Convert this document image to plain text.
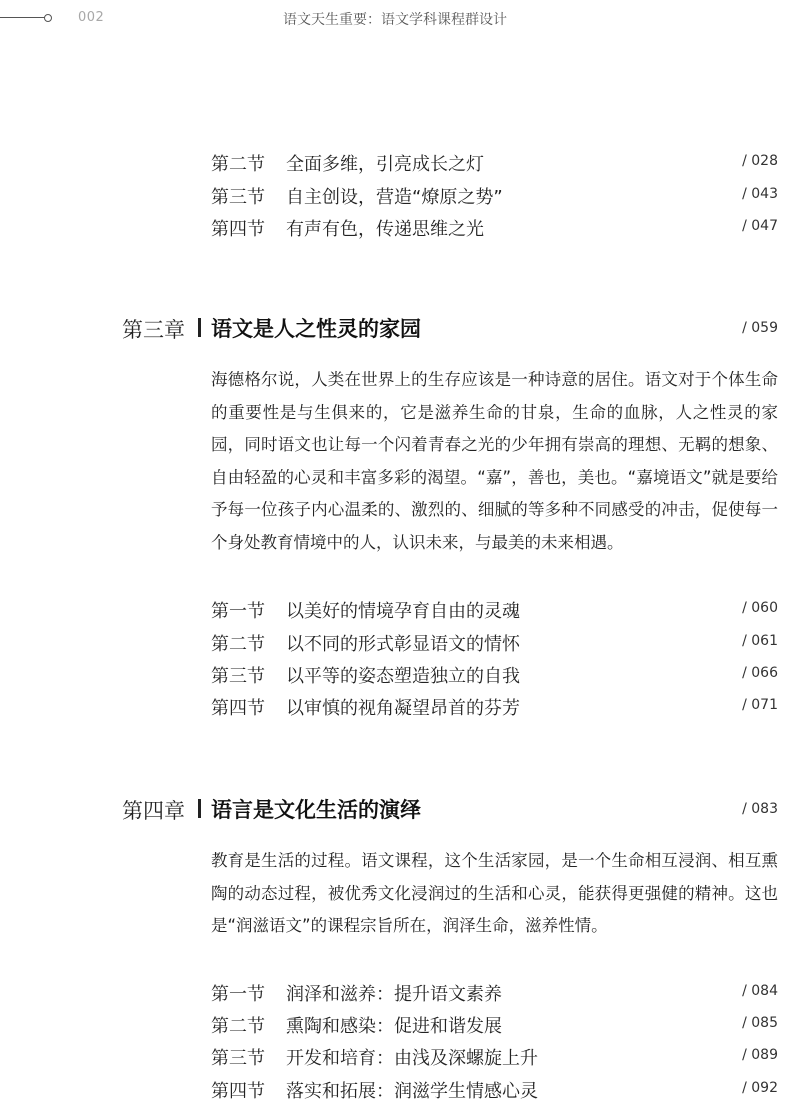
002	语文天生重要：语文学科课程群设计
第二节 全面多维，引亮成长之灯	/ 028
第三节 自主创设，营造“燎原之势”	/ 043
第四节 有声有色，传递思维之光	/ 047
第三章 语文是人之性灵的家园	/ 059
海德格尔说，人类在世界上的生存应该是一种诗意的居住。语文对于个体生命的重要性是与生俱来的，它是滋养生命的甘泉，生命的血脉，人之性灵的家园，同时语文也让每一个闪着青春之光的少年拥有崇高的理想、无羁的想象、自由轻盈的心灵和丰富多彩的渴望。“嘉”，善也，美也。“嘉境语文”就是要给予每一位孩子内心温柔的、激烈的、细腻的等多种不同感受的冲击，促使每一个身处教育情境中的人，认识未来，与最美的未来相遇。
第一节 以美好的情境孕育自由的灵魂	/ 060
第二节 以不同的形式彰显语文的情怀	/ 061
第三节 以平等的姿态塑造独立的自我	/ 066
第四节 以审慎的视角凝望昂首的芬芳	/ 071
第四章 语言是文化生活的演绎	/ 083
教育是生活的过程。语文课程，这个生活家园，是一个生命相互浸润、相互熏陶的动态过程，被优秀文化浸润过的生活和心灵，能获得更强健的精神。这也是“润滋语文”的课程宗旨所在，润泽生命，滋养性情。
第一节 润泽和滋养：提升语文素养	/ 084
第二节 熏陶和感染：促进和谐发展	/ 085
第三节 开发和培育：由浅及深螺旋上升	/ 089
第四节 落实和拓展：润滋学生情感心灵	/ 092
